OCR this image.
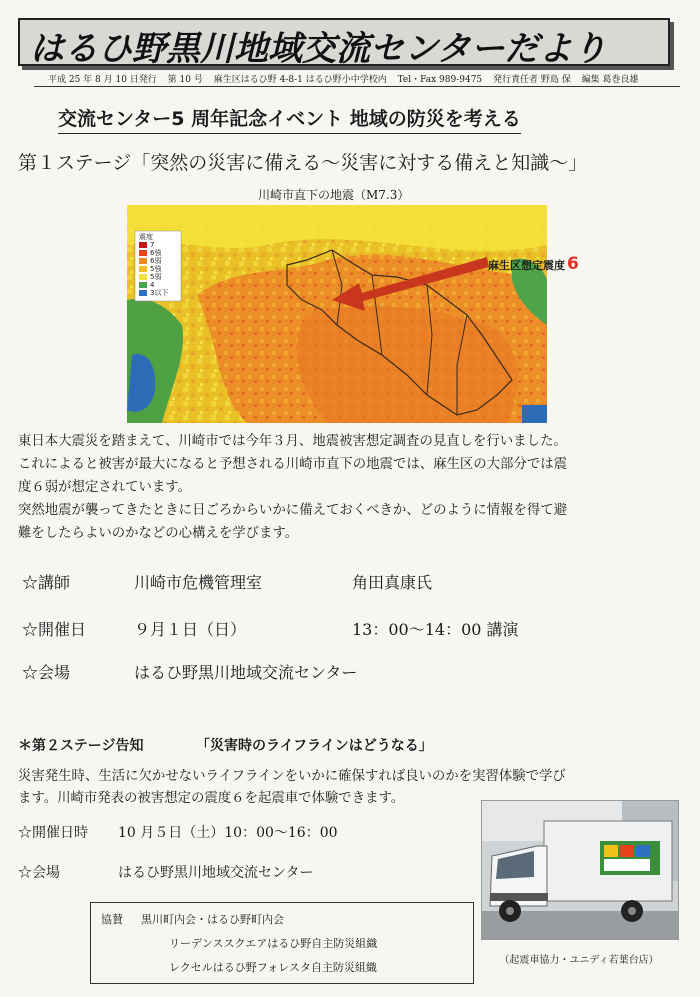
はるひ野黒川地域交流センターだより
平成 25 年 8 月 10 日発行 第 10 号 麻生区はるひ野 4-8-1 はるひ野小中学校内 Tel・Fax 989-9475 発行責任者 野島 保 編集 葛巻良雄
交流センター5 周年記念イベント 地域の防災を考える
第１ステージ「突然の災害に備える～災害に対する備えと知識～」
川崎市直下の地震（M7.3）
震度
7
6強
6弱
5強
5弱
4
3以下
麻生区想定震度 6
東日本大震災を踏まえて、川崎市では今年３月、地震被害想定調査の見直しを行いました。
これによると被害が最大になると予想される川崎市直下の地震では、麻生区の大部分では震
度６弱が想定されています。
突然地震が襲ってきたときに日ごろからいかに備えておくべきか、どのように情報を得て避
難をしたらよいのかなどの心構えを学びます。
☆講師	川崎市危機管理室	角田真康氏
☆開催日	９月１日（日）	13：00～14：00 講演
☆会場	はるひ野黒川地域交流センター
＊第２ステージ告知	「災害時のライフラインはどうなる」
災害発生時、生活に欠かせないライフラインをいかに確保すれば良いのかを実習体験で学び
ます。川崎市発表の被害想定の震度６を起震車で体験できます。
☆開催日時 10 月５日（土）10：00～16：00
☆会場	はるひ野黒川地域交流センター
協賛 黒川町内会・はるひ野町内会
リーデンススクエアはるひ野自主防災組織
レクセルはるひ野フォレスタ自主防災組織
（起震車協力・ユニディ若葉台店）
